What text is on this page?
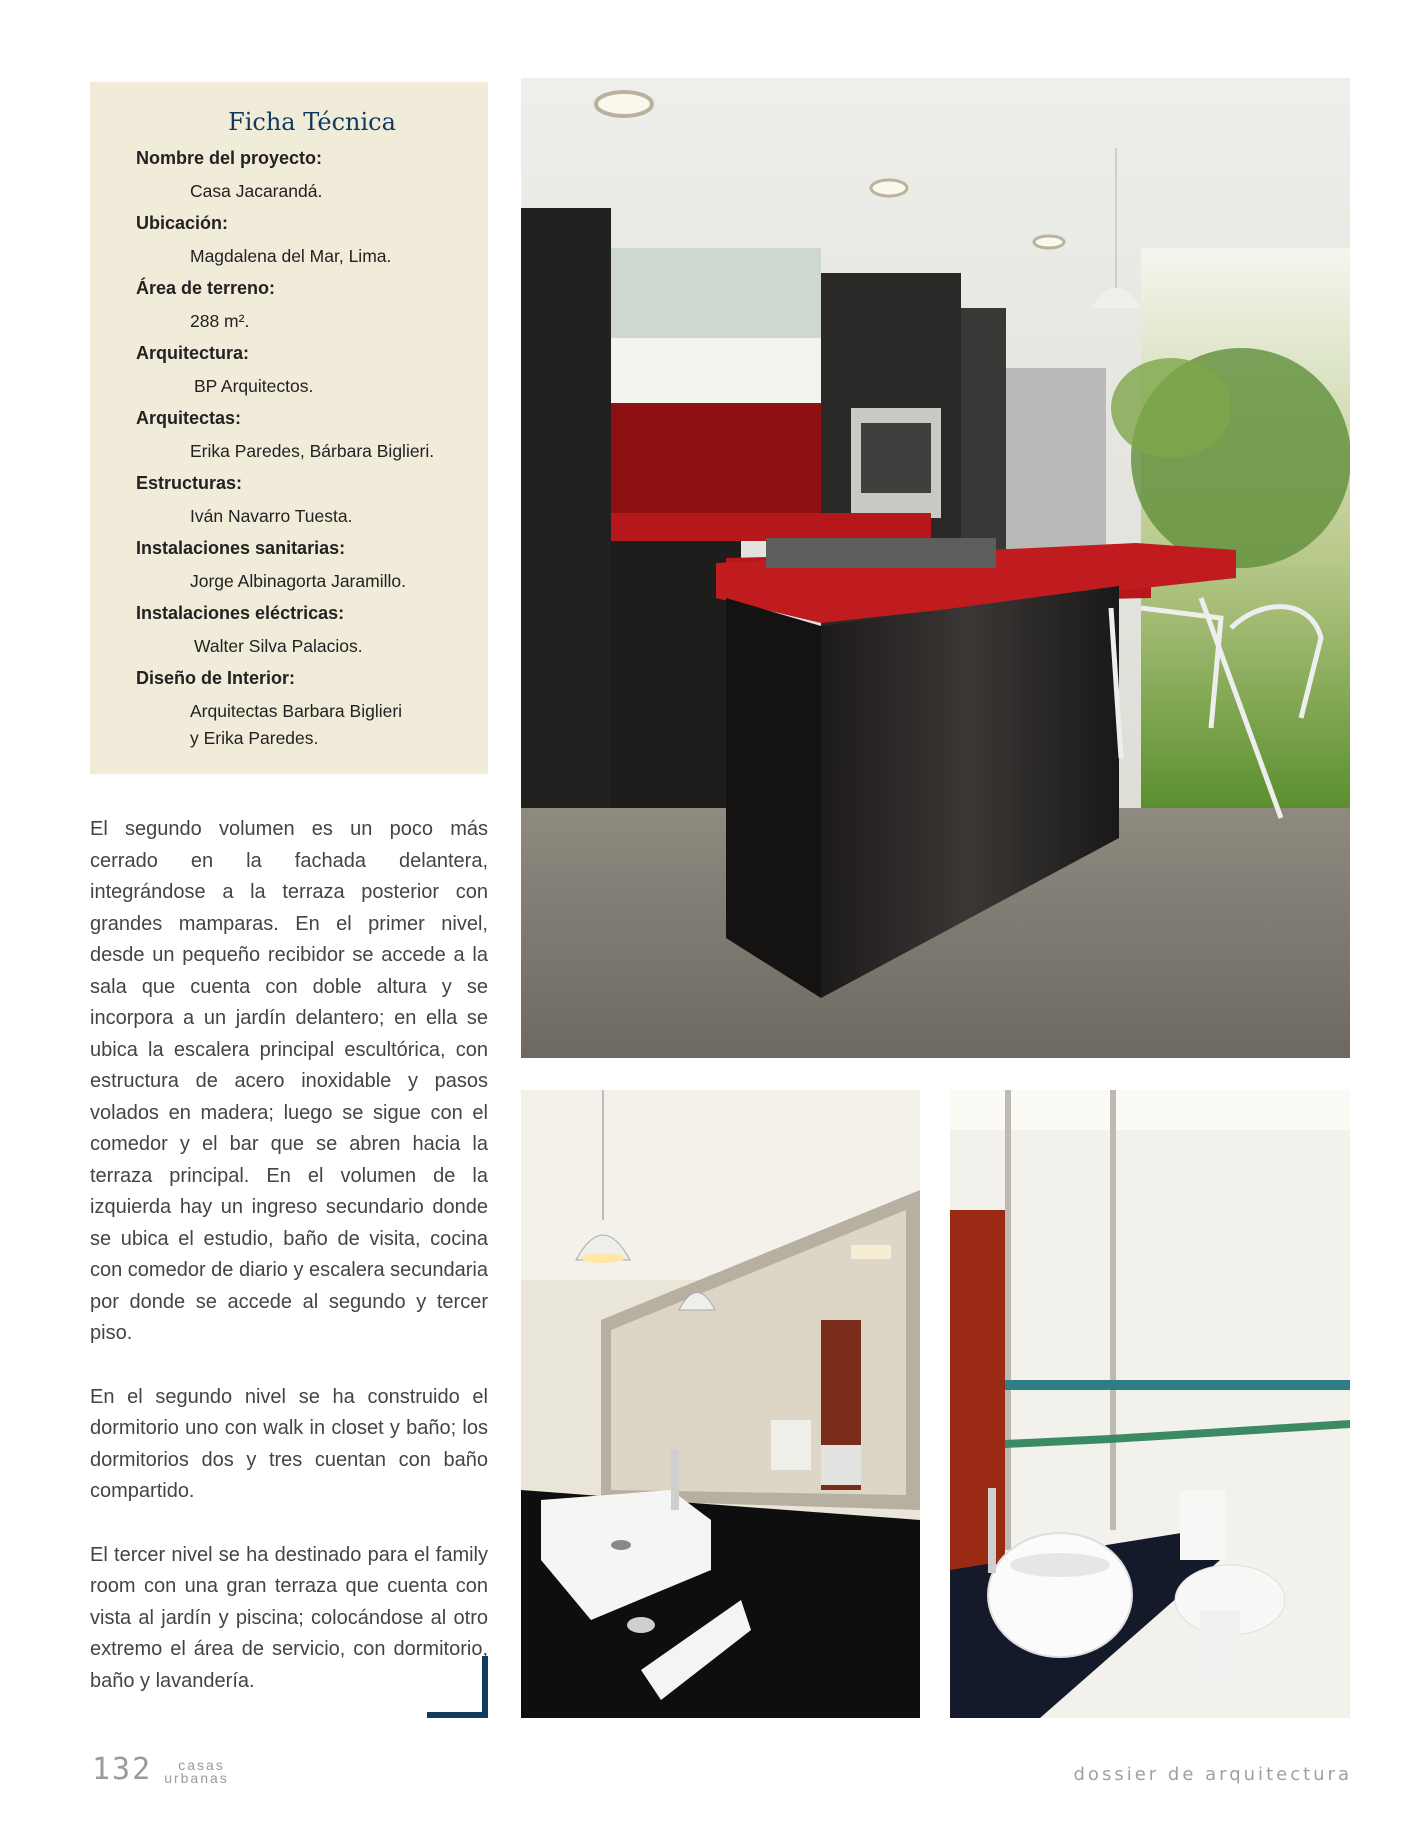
Ficha Técnica
Nombre del proyecto:
Casa Jacarandá.
Ubicación:
Magdalena del Mar, Lima.
Área de terreno:
288 m².
Arquitectura:
BP Arquitectos.
Arquitectas:
Erika Paredes, Bárbara Biglieri.
Estructuras:
Iván Navarro Tuesta.
Instalaciones sanitarias:
Jorge Albinagorta Jaramillo.
Instalaciones eléctricas:
Walter Silva Palacios.
Diseño de Interior:
Arquitectas Barbara Biglieri
y Erika Paredes.

El segundo volumen es un poco más cerrado en la fachada delantera, integrándose a la terraza posterior con grandes mamparas. En el primer nivel, desde un pequeño recibidor se accede a la sala que cuenta con doble altura y se incorpora a un jardín delantero; en ella se ubica la escalera principal escultórica, con estructura de acero inoxidable y pasos volados en madera; luego se sigue con el comedor y el bar que se abren hacia la terraza principal. En el volumen de la izquierda hay un ingreso secundario donde se ubica el estudio, baño de visita, cocina con comedor de diario y escalera secundaria por donde se accede al segundo y tercer piso.

En el segundo nivel se ha construido el dormitorio uno con walk in closet y baño; los dormitorios dos y tres cuentan con baño compartido.

El tercer nivel se ha destinado para el family room con una gran terraza que cuenta con vista al jardín y piscina; colocándose al otro extremo el área de servicio, con dormitorio, baño y lavandería.

132 casas
urbanas	dossier de arquitectura
